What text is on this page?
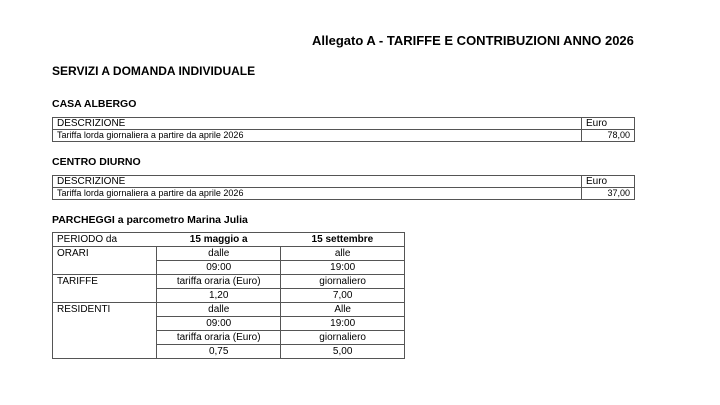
Allegato A - TARIFFE E CONTRIBUZIONI ANNO 2026
SERVIZI A DOMANDA INDIVIDUALE
CASA ALBERGO
DESCRIZIONE	Euro
Tariffa lorda giornaliera a partire da aprile 2026	78,00
CENTRO DIURNO
DESCRIZIONE	Euro
Tariffa lorda giornaliera a partire da aprile 2026	37,00
PARCHEGGI a parcometro Marina Julia
PERIODO da	15 maggio a	15 settembre
ORARI	dalle	alle
	09:00	19:00
TARIFFE	tariffa oraria (Euro)	giornaliero
	1,20	7,00
RESIDENTI	dalle	Alle
	09:00	19:00
	tariffa oraria (Euro)	giornaliero
	0,75	5,00
